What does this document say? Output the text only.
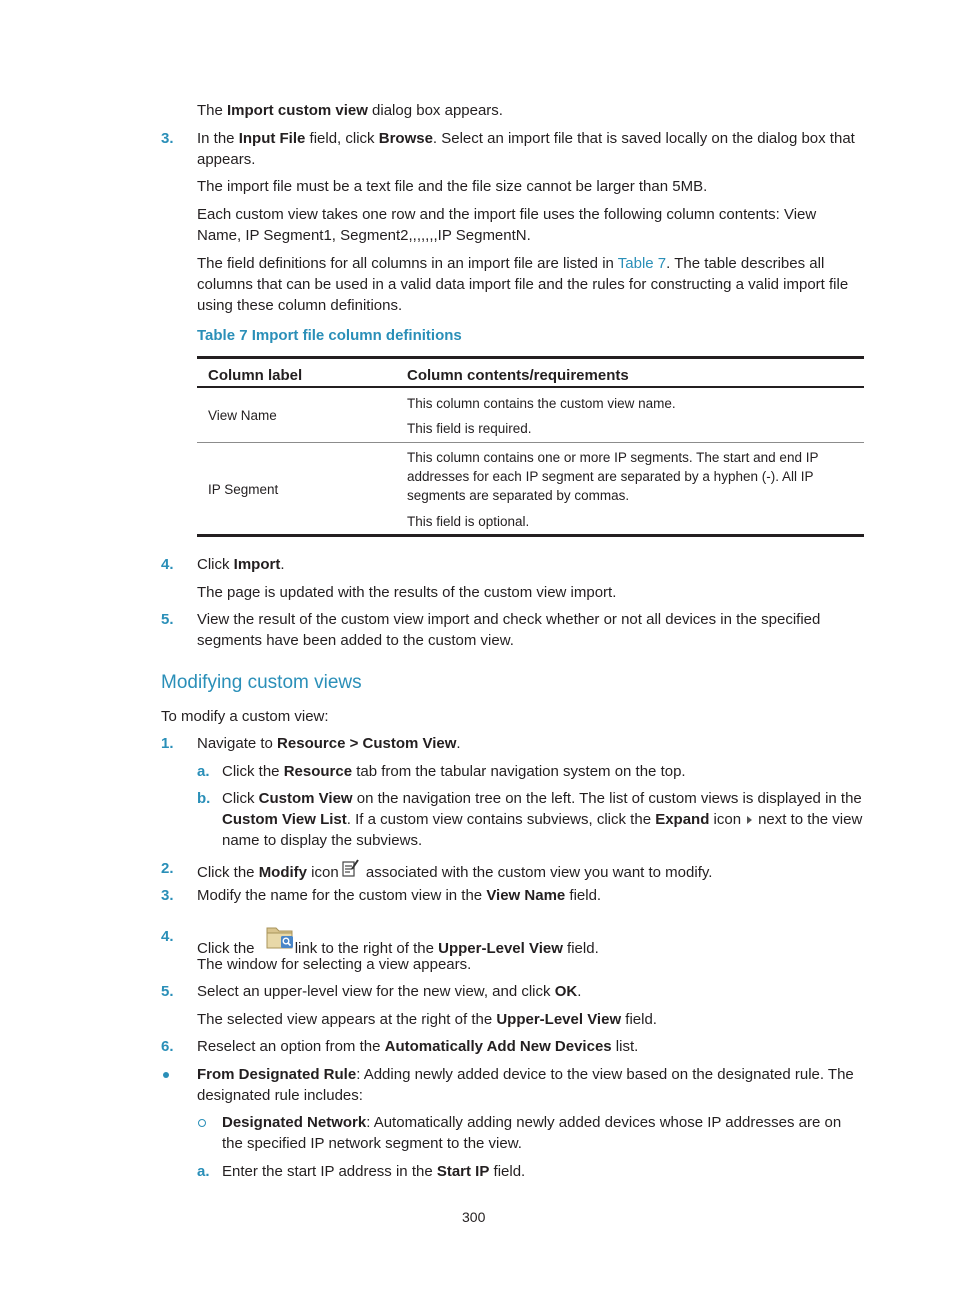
The Import custom view dialog box appears.
3. In the Input File field, click Browse. Select an import file that is saved locally on the dialog box that
appears.
The import file must be a text file and the file size cannot be larger than 5MB.
Each custom view takes one row and the import file uses the following column contents: View
Name, IP Segment1, Segment2,,,,,,,IP SegmentN.
The field definitions for all columns in an import file are listed in Table 7. The table describes all
columns that can be used in a valid data import file and the rules for constructing a valid import file
using these column definitions.
Table 7 Import file column definitions
Column label	Column contents/requirements
View Name
This column contains the custom view name.
This field is required.
IP Segment
This column contains one or more IP segments. The start and end IP
addresses for each IP segment are separated by a hyphen (-). All IP
segments are separated by commas.
This field is optional.
4. Click Import.
The page is updated with the results of the custom view import.
5. View the result of the custom view import and check whether or not all devices in the specified
segments have been added to the custom view.
Modifying custom views
To modify a custom view:
1. Navigate to Resource > Custom View.
a. Click the Resource tab from the tabular navigation system on the top.
b. Click Custom View on the navigation tree on the left. The list of custom views is displayed in the
Custom View List. If a custom view contains subviews, click the Expand icon next to the view
name to display the subviews.
2. Click the Modify icon associated with the custom view you want to modify.
3. Modify the name for the custom view in the View Name field.
4.
Click the link to the right of the Upper-Level View field.
The window for selecting a view appears.
5. Select an upper-level view for the new view, and click OK.
The selected view appears at the right of the Upper-Level View field.
6. Reselect an option from the Automatically Add New Devices list.
From Designated Rule: Adding newly added device to the view based on the designated rule. The
designated rule includes:
Designated Network: Automatically adding newly added devices whose IP addresses are on
the specified IP network segment to the view.
a. Enter the start IP address in the Start IP field.
300
